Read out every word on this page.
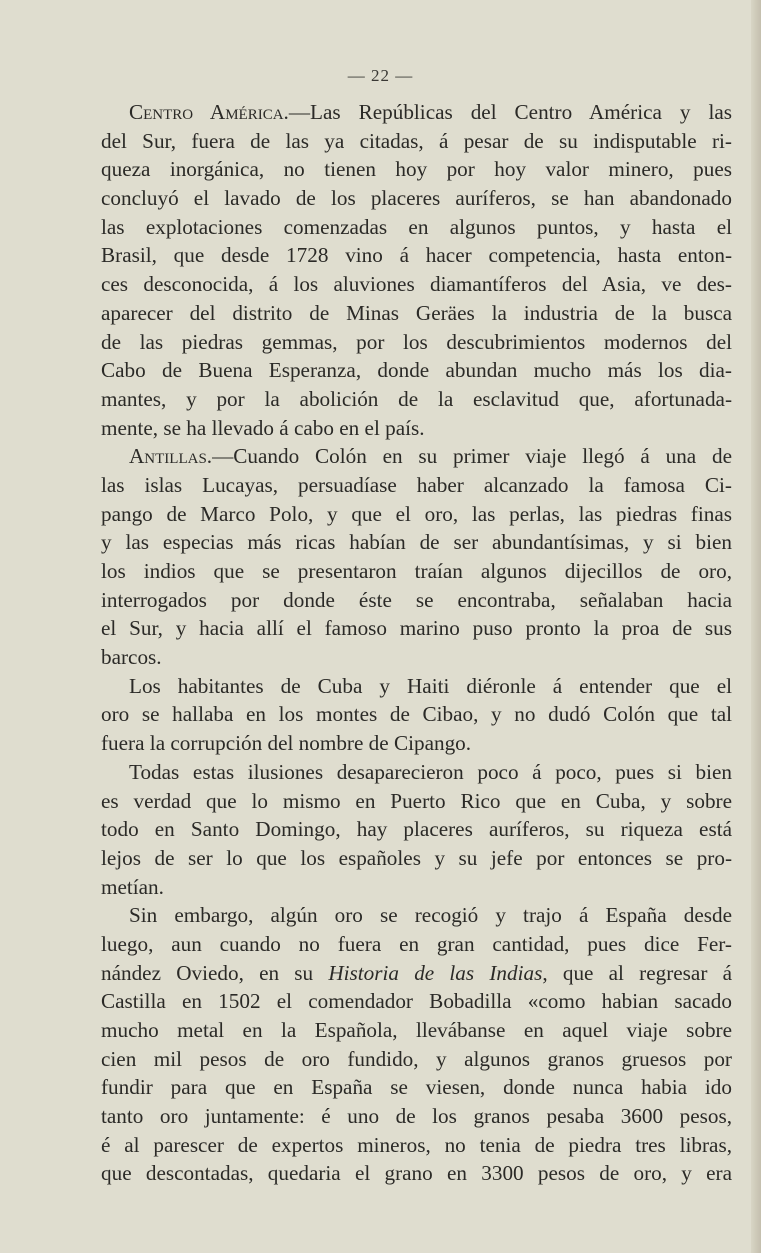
— 22 —
Centro América.—Las Repúblicas del Centro América y las
del Sur, fuera de las ya citadas, á pesar de su indisputable ri-
queza inorgánica, no tienen hoy por hoy valor minero, pues
concluyó el lavado de los placeres auríferos, se han abandonado
las explotaciones comenzadas en algunos puntos, y hasta el
Brasil, que desde 1728 vino á hacer competencia, hasta enton-
ces desconocida, á los aluviones diamantíferos del Asia, ve des-
aparecer del distrito de Minas Geräes la industria de la busca
de las piedras gemmas, por los descubrimientos modernos del
Cabo de Buena Esperanza, donde abundan mucho más los dia-
mantes, y por la abolición de la esclavitud que, afortunada-
mente, se ha llevado á cabo en el país.
Antillas.—Cuando Colón en su primer viaje llegó á una de
las islas Lucayas, persuadíase haber alcanzado la famosa Ci-
pango de Marco Polo, y que el oro, las perlas, las piedras finas
y las especias más ricas habían de ser abundantísimas, y si bien
los indios que se presentaron traían algunos dijecillos de oro,
interrogados por donde éste se encontraba, señalaban hacia
el Sur, y hacia allí el famoso marino puso pronto la proa de sus
barcos.
Los habitantes de Cuba y Haiti diéronle á entender que el
oro se hallaba en los montes de Cibao, y no dudó Colón que tal
fuera la corrupción del nombre de Cipango.
Todas estas ilusiones desaparecieron poco á poco, pues si bien
es verdad que lo mismo en Puerto Rico que en Cuba, y sobre
todo en Santo Domingo, hay placeres auríferos, su riqueza está
lejos de ser lo que los españoles y su jefe por entonces se pro-
metían.
Sin embargo, algún oro se recogió y trajo á España desde
luego, aun cuando no fuera en gran cantidad, pues dice Fer-
nández Oviedo, en su Historia de las Indias, que al regresar á
Castilla en 1502 el comendador Bobadilla «como habian sacado
mucho metal en la Española, llevábanse en aquel viaje sobre
cien mil pesos de oro fundido, y algunos granos gruesos por
fundir para que en España se viesen, donde nunca habia ido
tanto oro juntamente: é uno de los granos pesaba 3600 pesos,
é al parescer de expertos mineros, no tenia de piedra tres libras,
que descontadas, quedaria el grano en 3300 pesos de oro, y era
